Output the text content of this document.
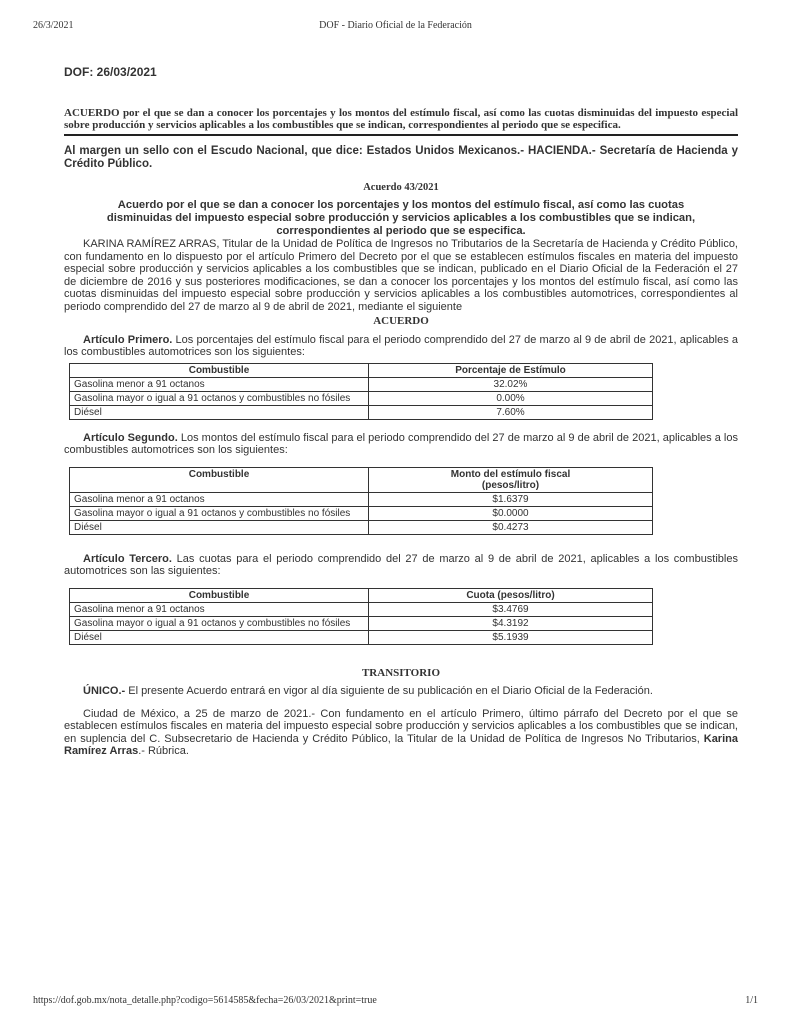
26/3/2021	DOF - Diario Oficial de la Federación
DOF: 26/03/2021
ACUERDO por el que se dan a conocer los porcentajes y los montos del estímulo fiscal, así como las cuotas disminuidas del impuesto especial sobre producción y servicios aplicables a los combustibles que se indican, correspondientes al periodo que se especifica.
Al margen un sello con el Escudo Nacional, que dice: Estados Unidos Mexicanos.- HACIENDA.- Secretaría de Hacienda y Crédito Público.
Acuerdo 43/2021
Acuerdo por el que se dan a conocer los porcentajes y los montos del estímulo fiscal, así como las cuotas disminuidas del impuesto especial sobre producción y servicios aplicables a los combustibles que se indican, correspondientes al periodo que se especifica.

KARINA RAMÍREZ ARRAS, Titular de la Unidad de Política de Ingresos no Tributarios de la Secretaría de Hacienda y Crédito Público, con fundamento en lo dispuesto por el artículo Primero del Decreto por el que se establecen estímulos fiscales en materia del impuesto especial sobre producción y servicios aplicables a los combustibles que se indican, publicado en el Diario Oficial de la Federación el 27 de diciembre de 2016 y sus posteriores modificaciones, se dan a conocer los porcentajes y los montos del estímulo fiscal, así como las cuotas disminuidas del impuesto especial sobre producción y servicios aplicables a los combustibles automotrices, correspondientes al periodo comprendido del 27 de marzo al 9 de abril de 2021, mediante el siguiente

ACUERDO

Artículo Primero. Los porcentajes del estímulo fiscal para el periodo comprendido del 27 de marzo al 9 de abril de 2021, aplicables a los combustibles automotrices son los siguientes:

Combustible	Porcentaje de Estímulo
Gasolina menor a 91 octanos	32.02%
Gasolina mayor o igual a 91 octanos y combustibles no fósiles	0.00%
Diésel	7.60%

Artículo Segundo. Los montos del estímulo fiscal para el periodo comprendido del 27 de marzo al 9 de abril de 2021, aplicables a los combustibles automotrices son los siguientes:

Combustible	Monto del estímulo fiscal
(pesos/litro)
Gasolina menor a 91 octanos	$1.6379
Gasolina mayor o igual a 91 octanos y combustibles no fósiles	$0.0000
Diésel	$0.4273

Artículo Tercero. Las cuotas para el periodo comprendido del 27 de marzo al 9 de abril de 2021, aplicables a los combustibles automotrices son las siguientes:

Combustible	Cuota (pesos/litro)
Gasolina menor a 91 octanos	$3.4769
Gasolina mayor o igual a 91 octanos y combustibles no fósiles	$4.3192
Diésel	$5.1939
TRANSITORIO

ÚNICO.- El presente Acuerdo entrará en vigor al día siguiente de su publicación en el Diario Oficial de la Federación.

Ciudad de México, a 25 de marzo de 2021.- Con fundamento en el artículo Primero, último párrafo del Decreto por el que se establecen estímulos fiscales en materia del impuesto especial sobre producción y servicios aplicables a los combustibles que se indican, en suplencia del C. Subsecretario de Hacienda y Crédito Público, la Titular de la Unidad de Política de Ingresos No Tributarios, Karina Ramírez Arras.- Rúbrica.

https://dof.gob.mx/nota_detalle.php?codigo=5614585&fecha=26/03/2021&print=true	1/1
